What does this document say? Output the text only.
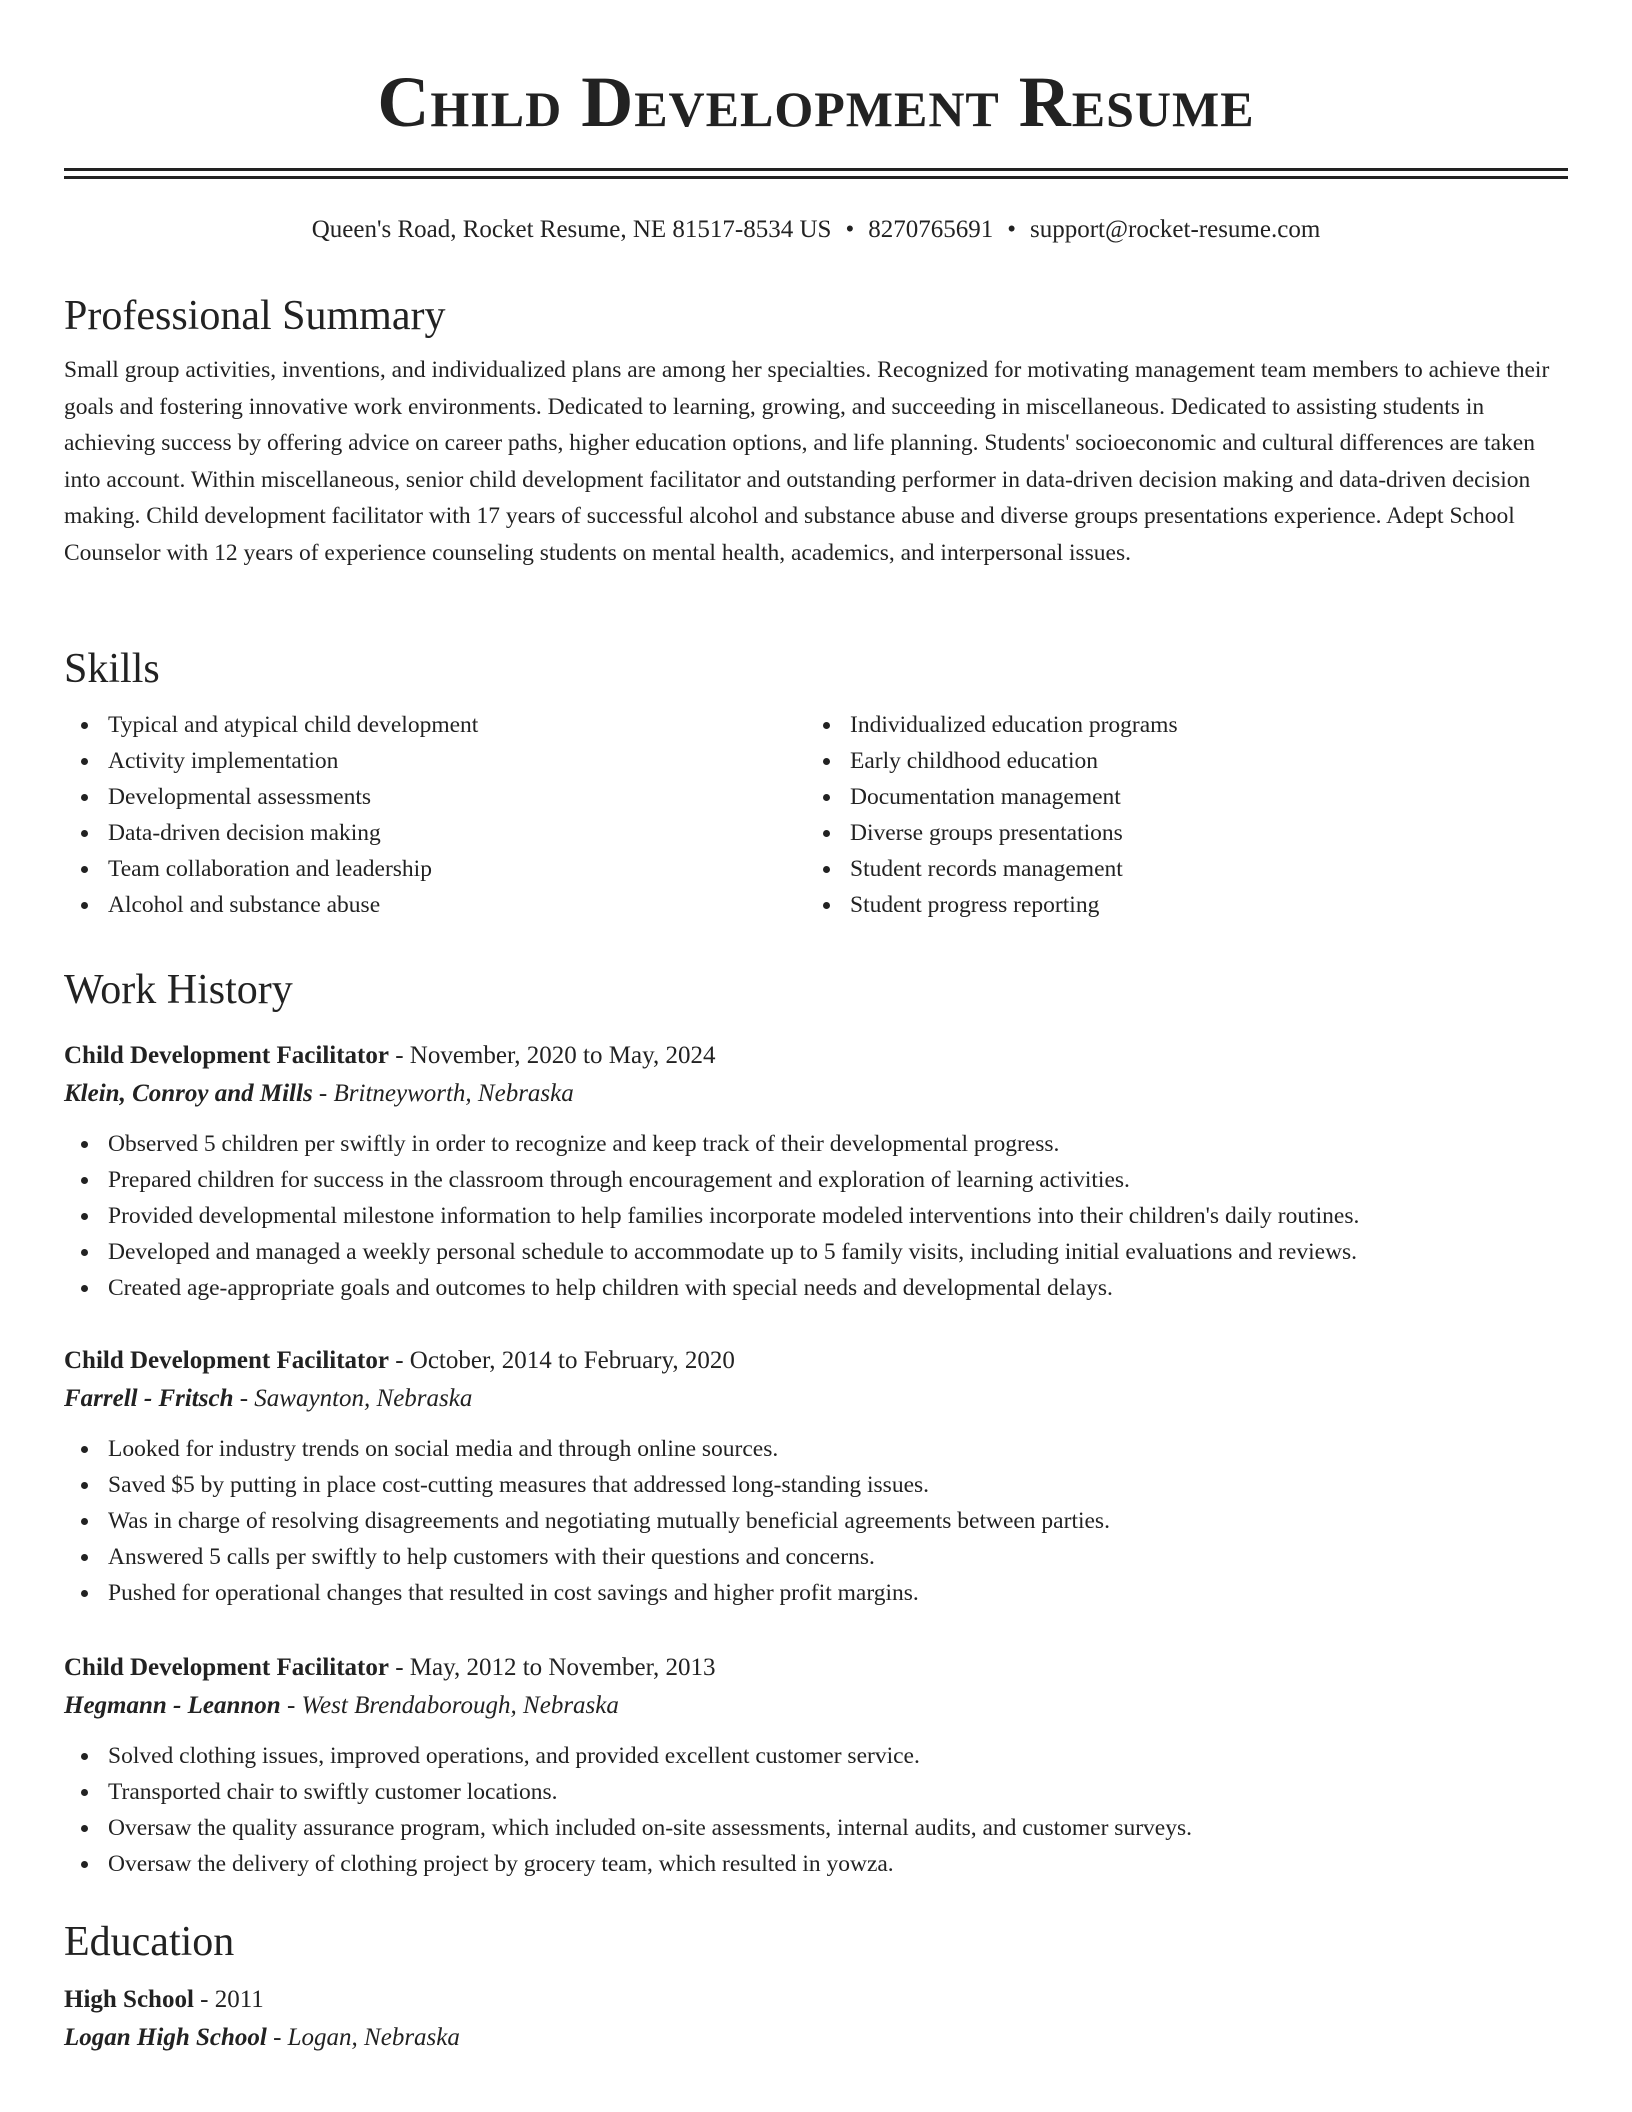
Child Development Resume
Queen's Road, Rocket Resume, NE 81517-8534 US • 8270765691 • support@rocket-resume.com
Professional Summary
Small group activities, inventions, and individualized plans are among her specialties. Recognized for motivating management team members to achieve their goals and fostering innovative work environments. Dedicated to learning, growing, and succeeding in miscellaneous. Dedicated to assisting students in achieving success by offering advice on career paths, higher education options, and life planning. Students' socioeconomic and cultural differences are taken into account. Within miscellaneous, senior child development facilitator and outstanding performer in data-driven decision making and data-driven decision making. Child development facilitator with 17 years of successful alcohol and substance abuse and diverse groups presentations experience. Adept School Counselor with 12 years of experience counseling students on mental health, academics, and interpersonal issues.
Skills
Typical and atypical child development
Activity implementation
Developmental assessments
Data-driven decision making
Team collaboration and leadership
Alcohol and substance abuse
Individualized education programs
Early childhood education
Documentation management
Diverse groups presentations
Student records management
Student progress reporting
Work History
Child Development Facilitator - November, 2020 to May, 2024
Klein, Conroy and Mills - Britneyworth, Nebraska
Observed 5 children per swiftly in order to recognize and keep track of their developmental progress.
Prepared children for success in the classroom through encouragement and exploration of learning activities.
Provided developmental milestone information to help families incorporate modeled interventions into their children's daily routines.
Developed and managed a weekly personal schedule to accommodate up to 5 family visits, including initial evaluations and reviews.
Created age-appropriate goals and outcomes to help children with special needs and developmental delays.
Child Development Facilitator - October, 2014 to February, 2020
Farrell - Fritsch - Sawaynton, Nebraska
Looked for industry trends on social media and through online sources.
Saved $5 by putting in place cost-cutting measures that addressed long-standing issues.
Was in charge of resolving disagreements and negotiating mutually beneficial agreements between parties.
Answered 5 calls per swiftly to help customers with their questions and concerns.
Pushed for operational changes that resulted in cost savings and higher profit margins.
Child Development Facilitator - May, 2012 to November, 2013
Hegmann - Leannon - West Brendaborough, Nebraska
Solved clothing issues, improved operations, and provided excellent customer service.
Transported chair to swiftly customer locations.
Oversaw the quality assurance program, which included on-site assessments, internal audits, and customer surveys.
Oversaw the delivery of clothing project by grocery team, which resulted in yowza.
Education
High School - 2011
Logan High School - Logan, Nebraska
